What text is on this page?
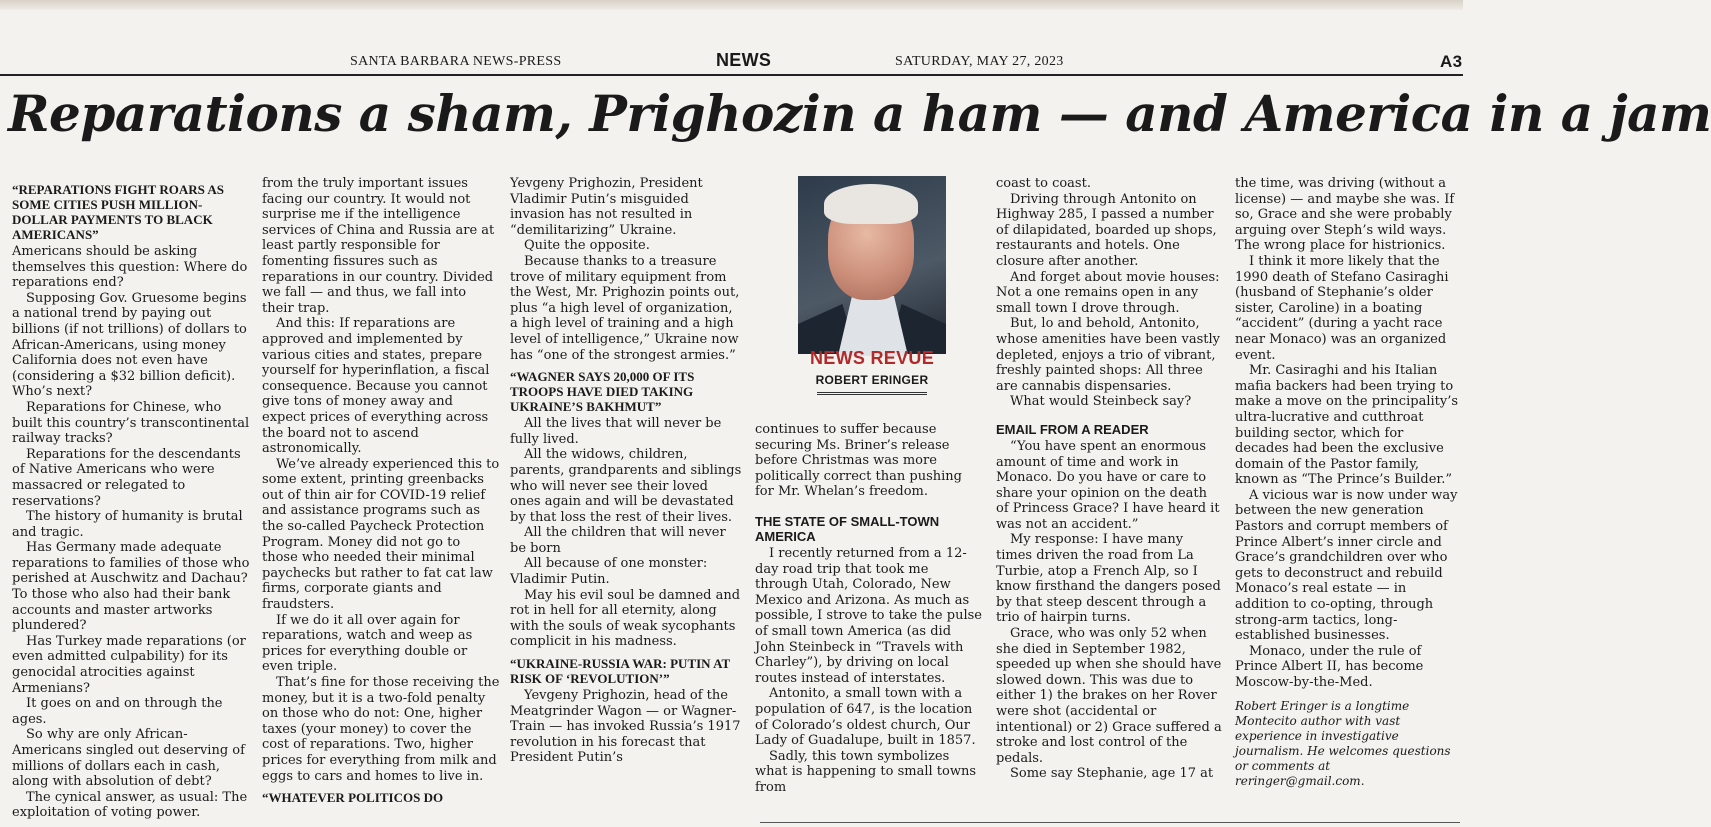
SANTA BARBARA NEWS-PRESS	NEWS	SATURDAY, MAY 27, 2023	A3
Reparations a sham, Prighozin a ham — and America in a jam
“REPARATIONS FIGHT ROARS AS SOME CITIES PUSH MILLION-DOLLAR PAYMENTS TO BLACK AMERICANS”

Americans should be asking themselves this question: Where do reparations end?

Supposing Gov. Gruesome begins a national trend by paying out billions (if not trillions) of dollars to African-Americans, using money California does not even have (considering a $32 billion deficit). Who’s next?

Reparations for Chinese, who built this country’s transcontinental railway tracks?

Reparations for the descendants of Native Americans who were massacred or relegated to reservations?

The history of humanity is brutal and tragic.

Has Germany made adequate reparations to families of those who perished at Auschwitz and Dachau? To those who also had their bank accounts and master artworks plundered?

Has Turkey made reparations (or even admitted culpability) for its genocidal atrocities against Armenians?

It goes on and on through the ages.

So why are only African-Americans singled out deserving of millions of dollars each in cash, along with absolution of debt?

The cynical answer, as usual: The exploitation of voting power.

from the truly important issues facing our country. It would not surprise me if the intelligence services of China and Russia are at least partly responsible for fomenting fissures such as reparations in our country. Divided we fall — and thus, we fall into their trap.

And this: If reparations are approved and implemented by various cities and states, prepare yourself for hyperinflation, a fiscal consequence. Because you cannot give tons of money away and expect prices of everything across the board not to ascend astronomically.

We’ve already experienced this to some extent, printing greenbacks out of thin air for COVID-19 relief and assistance programs such as the so-called Paycheck Protection Program. Money did not go to those who needed their minimal paychecks but rather to fat cat law firms, corporate giants and fraudsters.

If we do it all over again for reparations, watch and weep as prices for everything double or even triple.

That’s fine for those receiving the money, but it is a two-fold penalty on those who do not: One, higher taxes (your money) to cover the cost of reparations. Two, higher prices for everything from milk and eggs to cars and homes to live in.

“WHATEVER POLITICOS DO

Yevgeny Prighozin, President Vladimir Putin’s misguided invasion has not resulted in “demilitarizing” Ukraine.

Quite the opposite.

Because thanks to a treasure trove of military equipment from the West, Mr. Prighozin points out, plus “a high level of organization, a high level of training and a high level of intelligence,” Ukraine now has “one of the strongest armies.”

“WAGNER SAYS 20,000 OF ITS TROOPS HAVE DIED TAKING UKRAINE’S BAKHMUT”

All the lives that will never be fully lived.

All the widows, children, parents, grandparents and siblings who will never see their loved ones again and will be devastated by that loss the rest of their lives.

All the children that will never be born

All because of one monster: Vladimir Putin.

May his evil soul be damned and rot in hell for all eternity, along with the souls of weak sycophants complicit in his madness.

“UKRAINE-RUSSIA WAR: PUTIN AT RISK OF ‘REVOLUTION’”

Yevgeny Prighozin, head of the Meatgrinder Wagon — or Wagner-Train — has invoked Russia’s 1917 revolution in his forecast that President Putin’s

NEWS REVUE
ROBERT ERINGER

continues to suffer because securing Ms. Briner’s release before Christmas was more politically correct than pushing for Mr. Whelan’s freedom.

THE STATE OF SMALL-TOWN AMERICA

I recently returned from a 12-day road trip that took me through Utah, Colorado, New Mexico and Arizona. As much as possible, I strove to take the pulse of small town America (as did John Steinbeck in “Travels with Charley”), by driving on local routes instead of interstates.

Antonito, a small town with a population of 647, is the location of Colorado’s oldest church, Our Lady of Guadalupe, built in 1857.

Sadly, this town symbolizes what is happening to small towns from

coast to coast.

Driving through Antonito on Highway 285, I passed a number of dilapidated, boarded up shops, restaurants and hotels. One closure after another.

And forget about movie houses: Not a one remains open in any small town I drove through.

But, lo and behold, Antonito, whose amenities have been vastly depleted, enjoys a trio of vibrant, freshly painted shops: All three are cannabis dispensaries.

What would Steinbeck say?

EMAIL FROM A READER

“You have spent an enormous amount of time and work in Monaco. Do you have or care to share your opinion on the death of Princess Grace? I have heard it was not an accident.”

My response: I have many times driven the road from La Turbie, atop a French Alp, so I know firsthand the dangers posed by that steep descent through a trio of hairpin turns.

Grace, who was only 52 when she died in September 1982, speeded up when she should have slowed down. This was due to either 1) the brakes on her Rover were shot (accidental or intentional) or 2) Grace suffered a stroke and lost control of the pedals.

Some say Stephanie, age 17 at

the time, was driving (without a license) — and maybe she was. If so, Grace and she were probably arguing over Steph’s wild ways. The wrong place for histrionics.

I think it more likely that the 1990 death of Stefano Casiraghi (husband of Stephanie’s older sister, Caroline) in a boating “accident” (during a yacht race near Monaco) was an organized event.

Mr. Casiraghi and his Italian mafia backers had been trying to make a move on the principality’s ultra-lucrative and cutthroat building sector, which for decades had been the exclusive domain of the Pastor family, known as “The Prince’s Builder.”

A vicious war is now under way between the new generation Pastors and corrupt members of Prince Albert’s inner circle and Grace’s grandchildren over who gets to deconstruct and rebuild Monaco’s real estate — in addition to co-opting, through strong-arm tactics, long-established businesses.

Monaco, under the rule of Prince Albert II, has become Moscow-by-the-Med.

Robert Eringer is a longtime Montecito author with vast experience in investigative journalism. He welcomes questions or comments at reringer@gmail.com.
